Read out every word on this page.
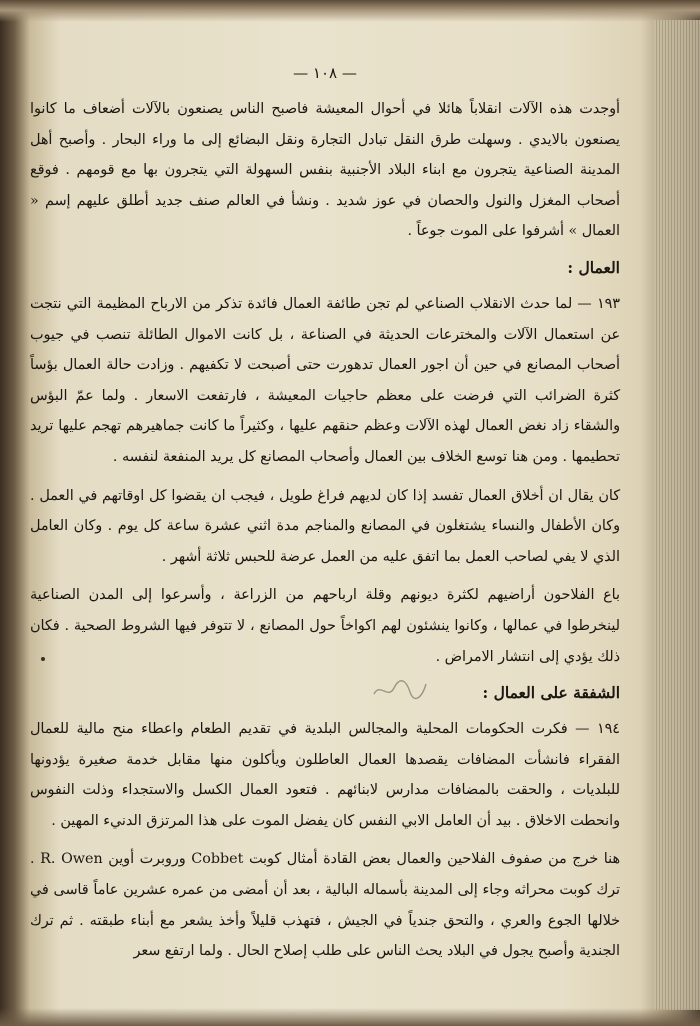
— ١٠٨ —

أوجدت هذه الآلات انقلاباً هائلا في أحوال المعيشة فاصبح الناس يصنعون بالآلات أضعاف ما كانوا يصنعون بالايدي . وسهلت طرق النقل تبادل التجارة ونقل البضائع إلى ما وراء البحار . وأصبح أهل المدينة الصناعية يتجرون مع ابناء البلاد الأجنبية بنفس السهولة التي يتجرون بها مع قومهم . فوقع أصحاب المغزل والنول والحصان في عوز شديد . ونشأ في العالم صنف جديد أطلق عليهم إسم « العمال » أشرفوا على الموت جوعاً .

العمال :

١٩٣ — لما حدث الانقلاب الصناعي لم تجن طائفة العمال فائدة تذكر من الارباح المظيمة التي نتجت عن استعمال الآلات والمخترعات الحديثة في الصناعة ، بل كانت الاموال الطائلة تنصب في جيوب أصحاب المصانع في حين أن اجور العمال تدهورت حتى أصبحت لا تكفيهم . وزادت حالة العمال بؤساً كثرة الضرائب التي فرضت على معظم حاجيات المعيشة ، فارتفعت الاسعار . ولما عمّ البؤس والشقاء زاد نغض العمال لهذه الآلات وعظم حنقهم عليها ، وكثيراً ما كانت جماهيرهم تهجم عليها تريد تحطيمها . ومن هنا توسع الخلاف بين العمال وأصحاب المصانع كل يريد المنفعة لنفسه .

كان يقال ان أخلاق العمال تفسد إذا كان لديهم فراغ طويل ، فيجب ان يقضوا كل اوقاتهم في العمل . وكان الأطفال والنساء يشتغلون في المصانع والمناجم مدة اثني عشرة ساعة كل يوم . وكان العامل الذي لا يفي لصاحب العمل بما اتفق عليه من العمل عرضة للحبس ثلاثة أشهر .

باع الفلاحون أراضيهم لكثرة ديونهم وقلة ارباحهم من الزراعة ، وأسرعوا إلى المدن الصناعية لينخرطوا في عمالها ، وكانوا ينشئون لهم اكواخاً حول المصانع ، لا تتوفر فيها الشروط الصحية . فكان ذلك يؤدي إلى انتشار الامراض .

الشفقة على العمال :

١٩٤ — فكرت الحكومات المحلية والمجالس البلدية في تقديم الطعام واعطاء منح مالية للعمال الفقراء فانشأت المضافات يقصدها العمال العاطلون ويأكلون منها مقابل خدمة صغيرة يؤدونها للبلديات ، والحقت بالمضافات مدارس لابنائهم . فتعود العمال الكسل والاستجداء وذلت النفوس وانحطت الاخلاق . بيد أن العامل الابي النفس كان يفضل الموت على هذا المرتزق الدنيء المهين .

هنا خرج من صفوف الفلاحين والعمال بعض القادة أمثال كوبت Cobbet وروبرت أوين R. Owen . ترك كوبت محراثه وجاء إلى المدينة بأسماله البالية ، بعد أن أمضى من عمره عشرين عاماً قاسى في خلالها الجوع والعري ، والتحق جندياً في الجيش ، فتهذب قليلاً وأخذ يشعر مع أبناء طبقته . ثم ترك الجندية وأصبح يجول في البلاد يحث الناس على طلب إصلاح الحال . ولما ارتفع سعر
